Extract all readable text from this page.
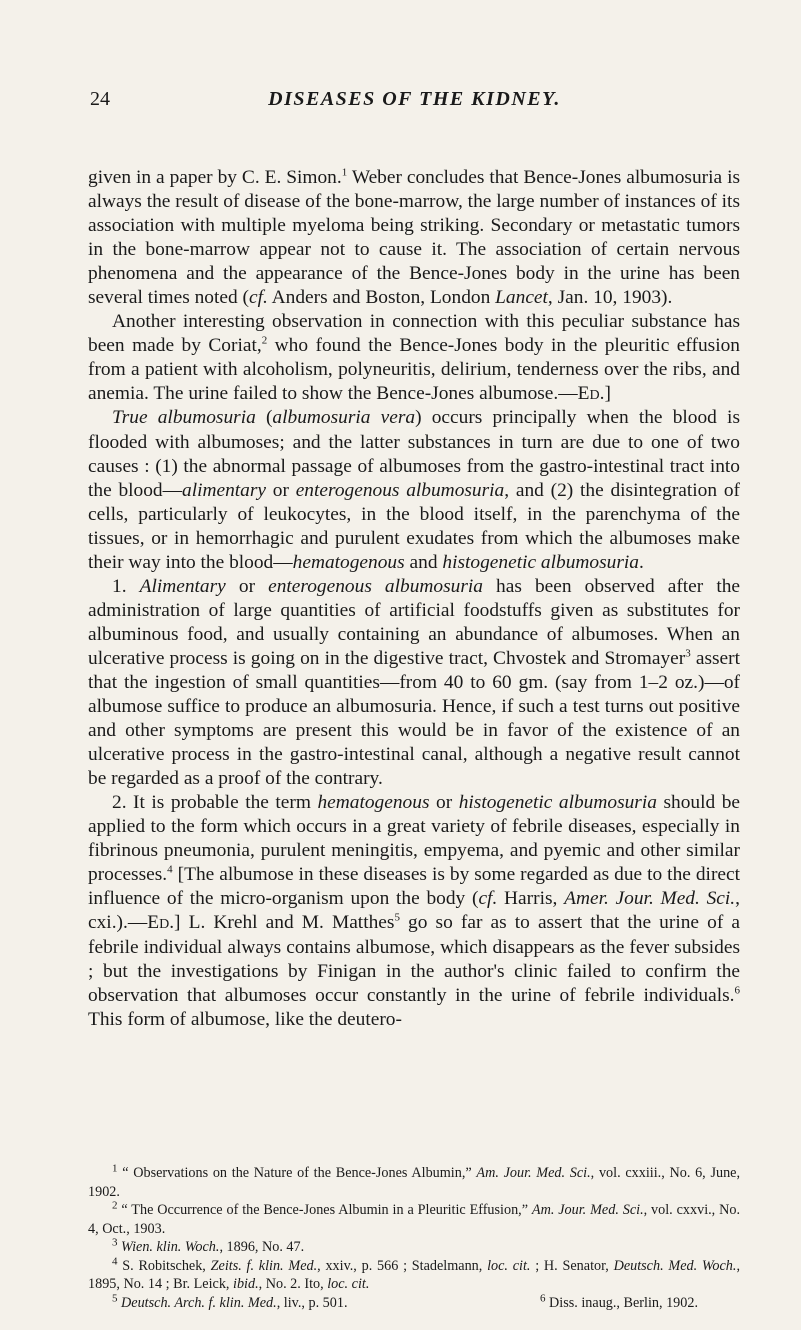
24	DISEASES OF THE KIDNEY.

given in a paper by C. E. Simon.$^1$ Weber concludes that Bence-Jones albumosuria is always the result of disease of the bone-marrow, the large number of instances of its association with multiple myeloma being striking. Secondary or metastatic tumors in the bone-marrow appear not to cause it. The association of certain nervous phenomena and the appearance of the Bence-Jones body in the urine has been several times noted (cf. Anders and Boston, London Lancet, Jan. 10, 1903).

Another interesting observation in connection with this peculiar substance has been made by Coriat,$^2$ who found the Bence-Jones body in the pleuritic effusion from a patient with alcoholism, polyneuritis, delirium, tenderness over the ribs, and anemia. The urine failed to show the Bence-Jones albumose.—Ed.]

True albumosuria (albumosuria vera) occurs principally when the blood is flooded with albumoses; and the latter substances in turn are due to one of two causes : (1) the abnormal passage of albumoses from the gastro-intestinal tract into the blood—alimentary or enterogenous albumosuria, and (2) the disintegration of cells, particularly of leukocytes, in the blood itself, in the parenchyma of the tissues, or in hemorrhagic and purulent exudates from which the albumoses make their way into the blood—hematogenous and histogenetic albumosuria.

1. Alimentary or enterogenous albumosuria has been observed after the administration of large quantities of artificial foodstuffs given as substitutes for albuminous food, and usually containing an abundance of albumoses. When an ulcerative process is going on in the digestive tract, Chvostek and Stromayer$^3$ assert that the ingestion of small quantities—from 40 to 60 gm. (say from 1–2 oz.)—of albumose suffice to produce an albumosuria. Hence, if such a test turns out positive and other symptoms are present this would be in favor of the existence of an ulcerative process in the gastro-intestinal canal, although a negative result cannot be regarded as a proof of the contrary.

2. It is probable the term hematogenous or histogenetic albumosuria should be applied to the form which occurs in a great variety of febrile diseases, especially in fibrinous pneumonia, purulent meningitis, empyema, and pyemic and other similar processes.$^4$ [The albumose in these diseases is by some regarded as due to the direct influence of the micro-organism upon the body (cf. Harris, Amer. Jour. Med. Sci., cxi.).—Ed.] L. Krehl and M. Matthes$^5$ go so far as to assert that the urine of a febrile individual always contains albumose, which disappears as the fever subsides ; but the investigations by Finigan in the author's clinic failed to confirm the observation that albumoses occur constantly in the urine of febrile individuals.$^6$ This form of albumose, like the deutero-

$^1$ “ Observations on the Nature of the Bence-Jones Albumin,” Am. Jour. Med. Sci., vol. cxxiii., No. 6, June, 1902.

$^2$ “ The Occurrence of the Bence-Jones Albumin in a Pleuritic Effusion,” Am. Jour. Med. Sci., vol. cxxvi., No. 4, Oct., 1903.

$^3$ Wien. klin. Woch., 1896, No. 47.

$^4$ S. Robitschek, Zeits. f. klin. Med., xxiv., p. 566 ; Stadelmann, loc. cit. ; H. Senator, Deutsch. Med. Woch., 1895, No. 14 ; Br. Leick, ibid., No. 2. Ito, loc. cit.

$^5$ Deutsch. Arch. f. klin. Med., liv., p. 501.	$^6$ Diss. inaug., Berlin, 1902.
